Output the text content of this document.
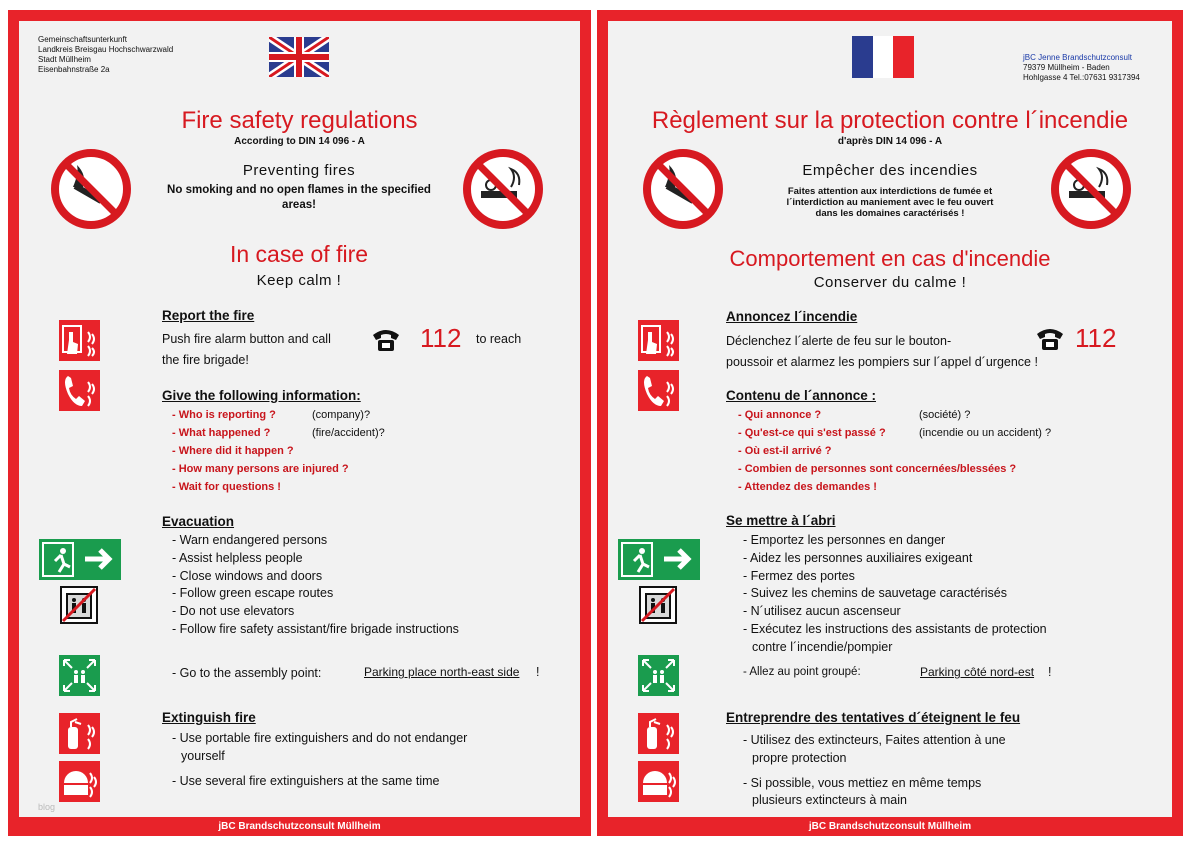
Gemeinschaftsunterkunft
Landkreis Breisgau Hochschwarzwald
Stadt Müllheim
Eisenbahnstraße 2a
Fire safety regulations
According to DIN 14 096 - A
Preventing fires
No smoking and no open flames in the specified
areas!
In case of fire
Keep calm !
Report the fire
Push fire alarm button and call
the fire brigade!
112 to reach
Give the following information:
- Who is reporting ?
- What happened ?
- Where did it happen ?
- How many persons are injured ?
- Wait for questions !
(company)?
(fire/accident)?
Evacuation
- Warn endangered persons
- Assist helpless people
- Close windows and doors
- Follow green escape routes
- Do not use elevators
- Follow fire safety assistant/fire brigade instructions
- Go to the assembly point:	Parking place north-east side !
Extinguish fire
- Use portable fire extinguishers and do not endanger
yourself
- Use several fire extinguishers at the same time
blog
jBC Brandschutzconsult Müllheim
jBC Jenne Brandschutzconsult
79379 Müllheim - Baden
Hohlgasse 4 Tel.:07631 9317394
Règlement sur la protection contre l´incendie
d'après DIN 14 096 - A
Empêcher des incendies
Faites attention aux interdictions de fumée et
l´interdiction au maniement avec le feu ouvert
dans les domaines caractérisés !
Comportement en cas d'incendie
Conserver du calme !
Annoncez l´incendie
Déclenchez l´alerte de feu sur le bouton-
poussoir et alarmez les pompiers sur l´appel d´urgence !
112
Contenu de l´annonce :
- Qui annonce ?
- Qu'est-ce qui s'est passé ?
- Où est-il arrivé ?
- Combien de personnes sont concernées/blessées ?
- Attendez des demandes !
(société) ?
(incendie ou un accident) ?
Se mettre à l´abri
- Emportez les personnes en danger
- Aidez les personnes auxiliaires exigeant
- Fermez des portes
- Suivez les chemins de sauvetage caractérisés
- N´utilisez aucun ascenseur
- Exécutez les instructions des assistants de protection
contre l´incendie/pompier
- Allez au point groupé:	Parking côté nord-est !
Entreprendre des tentatives d´éteignent le feu
- Utilisez des extincteurs, Faites attention à une
propre protection
- Si possible, vous mettiez en même temps
plusieurs extincteurs à main
jBC Brandschutzconsult Müllheim
